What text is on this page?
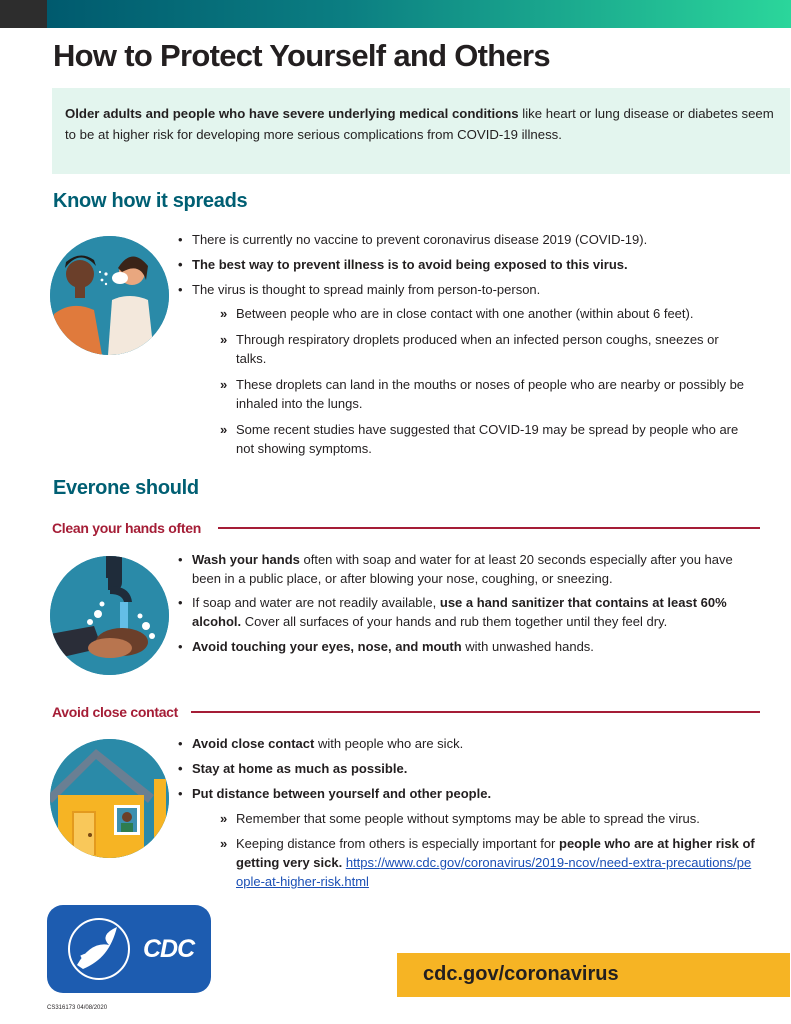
How to Protect Yourself and Others
Older adults and people who have severe underlying medical conditions like heart or lung disease or diabetes seem to be at higher risk for developing more serious complications from COVID-19 illness.
Know how it spreads
• There is currently no vaccine to prevent coronavirus disease 2019 (COVID-19).
• The best way to prevent illness is to avoid being exposed to this virus.
• The virus is thought to spread mainly from person-to-person.
» Between people who are in close contact with one another (within about 6 feet).
» Through respiratory droplets produced when an infected person coughs, sneezes or talks.
» These droplets can land in the mouths or noses of people who are nearby or possibly be inhaled into the lungs.
» Some recent studies have suggested that COVID-19 may be spread by people who are not showing symptoms.
Everone should
Clean your hands often
• Wash your hands often with soap and water for at least 20 seconds especially after you have been in a public place, or after blowing your nose, coughing, or sneezing.
• If soap and water are not readily available, use a hand sanitizer that contains at least 60% alcohol. Cover all surfaces of your hands and rub them together until they feel dry.
• Avoid touching your eyes, nose, and mouth with unwashed hands.
Avoid close contact
• Avoid close contact with people who are sick.
• Stay at home as much as possible.
• Put distance between yourself and other people.
» Remember that some people without symptoms may be able to spread the virus.
» Keeping distance from others is especially important for people who are at higher risk of getting very sick. https://www.cdc.gov/coronavirus/2019-ncov/need-extra-precautions/people-at-higher-risk.html
CDC
cdc.gov/coronavirus
CS316173 04/08/2020
